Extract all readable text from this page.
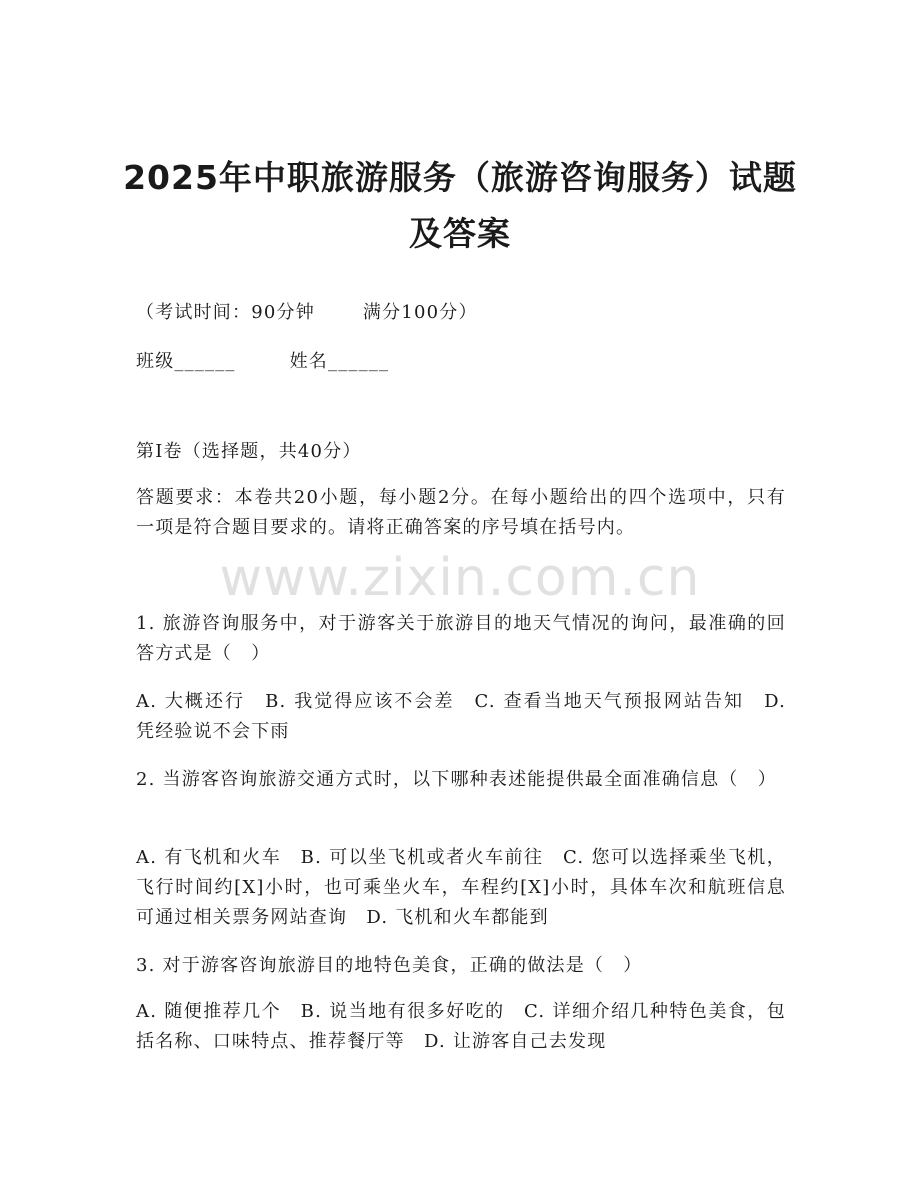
2025年中职旅游服务（旅游咨询服务）试题及答案

（考试时间：90分钟	满分100分）

班级______	姓名______

第I卷（选择题，共40分）

答题要求：本卷共20小题，每小题2分。在每小题给出的四个选项中，只有一项是符合题目要求的。请将正确答案的序号填在括号内。

www.zixin.com.cn

1. 旅游咨询服务中，对于游客关于旅游目的地天气情况的询问，最准确的回答方式是（　）

A. 大概还行　B. 我觉得应该不会差　C. 查看当地天气预报网站告知　D. 凭经验说不会下雨

2. 当游客咨询旅游交通方式时，以下哪种表述能提供最全面准确信息（　）

A. 有飞机和火车　B. 可以坐飞机或者火车前往　C. 您可以选择乘坐飞机，飞行时间约[X]小时，也可乘坐火车，车程约[X]小时，具体车次和航班信息可通过相关票务网站查询　D. 飞机和火车都能到

3. 对于游客咨询旅游目的地特色美食，正确的做法是（　）

A. 随便推荐几个　B. 说当地有很多好吃的　C. 详细介绍几种特色美食，包括名称、口味特点、推荐餐厅等　D. 让游客自己去发现
